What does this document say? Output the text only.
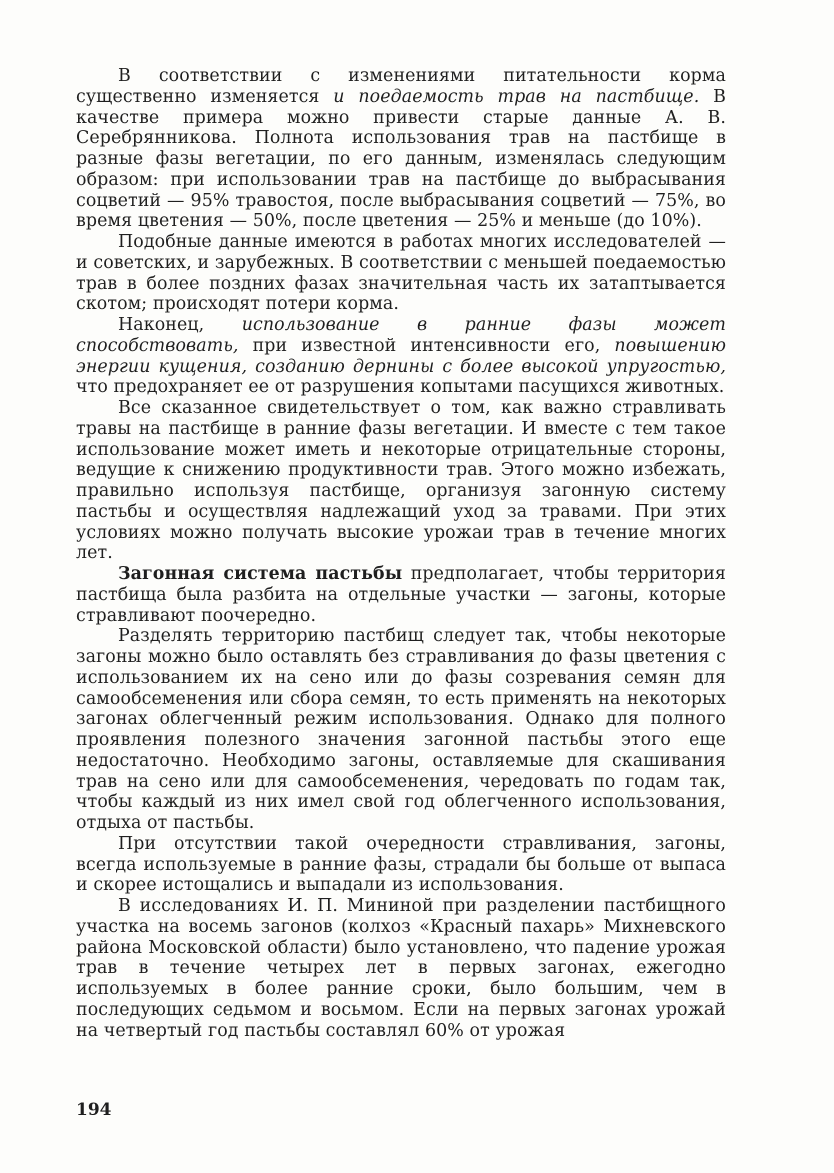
В соответствии с изменениями питательности корма существенно изменяется и поедаемость трав на пастбище. В качестве примера можно привести старые данные А. В. Серебрянникова. Полнота использования трав на пастбище в разные фазы вегетации, по его данным, изменялась следующим образом: при использовании трав на пастбище до выбрасывания соцветий — 95% травостоя, после выбрасывания соцветий — 75%, во время цветения — 50%, после цветения — 25% и меньше (до 10%).

Подобные данные имеются в работах многих исследователей — и советских, и зарубежных. В соответствии с меньшей поедаемостью трав в более поздних фазах значительная часть их затаптывается скотом; происходят потери корма.

Наконец, использование в ранние фазы может способствовать, при известной интенсивности его, повышению энергии кущения, созданию дернины с более высокой упругостью, что предохраняет ее от разрушения копытами пасущихся животных.

Все сказанное свидетельствует о том, как важно стравливать травы на пастбище в ранние фазы вегетации. И вместе с тем такое использование может иметь и некоторые отрицательные стороны, ведущие к снижению продуктивности трав. Этого можно избежать, правильно используя пастбище, организуя загонную систему пастьбы и осуществляя надлежащий уход за травами. При этих условиях можно получать высокие урожаи трав в течение многих лет.

Загонная система пастьбы предполагает, чтобы территория пастбища была разбита на отдельные участки — загоны, которые стравливают поочередно.

Разделять территорию пастбищ следует так, чтобы некоторые загоны можно было оставлять без стравливания до фазы цветения с использованием их на сено или до фазы созревания семян для самообсеменения или сбора семян, то есть применять на некоторых загонах облегченный режим использования. Однако для полного проявления полезного значения загонной пастьбы этого еще недостаточно. Необходимо загоны, оставляемые для скашивания трав на сено или для самообсеменения, чередовать по годам так, чтобы каждый из них имел свой год облегченного использования, отдыха от пастьбы.

При отсутствии такой очередности стравливания, загоны, всегда используемые в ранние фазы, страдали бы больше от выпаса и скорее истощались и выпадали из использования.

В исследованиях И. П. Мининой при разделении пастбищного участка на восемь загонов (колхоз «Красный пахарь» Михневского района Московской области) было установлено, что падение урожая трав в течение четырех лет в первых загонах, ежегодно используемых в более ранние сроки, было большим, чем в последующих седьмом и восьмом. Если на первых загонах урожай на четвертый год пастьбы составлял 60% от урожая

194
